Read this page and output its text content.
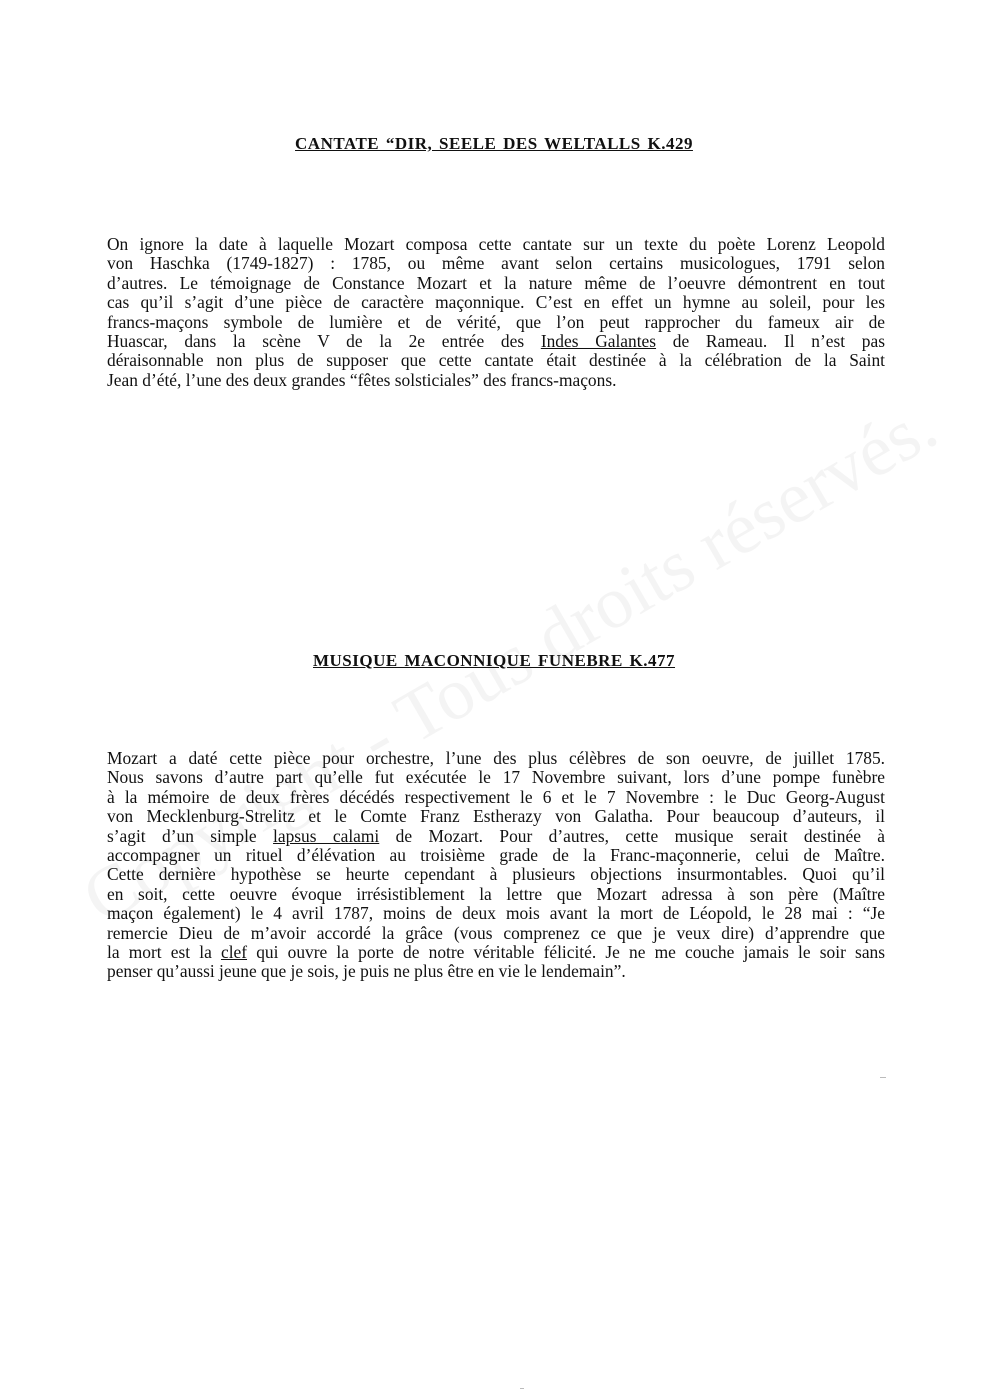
CANTATE “DIR, SEELE DES WELTALLS K.429
On ignore la date à laquelle Mozart composa cette cantate sur un texte du poète Lorenz Leopold
von Haschka (1749-1827) : 1785, ou même avant selon certains musicologues, 1791 selon
d’autres. Le témoignage de Constance Mozart et la nature même de l’oeuvre démontrent en tout
cas qu’il s’agit d’une pièce de caractère maçonnique. C’est en effet un hymne au soleil, pour les
francs-maçons symbole de lumière et de vérité, que l’on peut rapprocher du fameux air de
Huascar, dans la scène V de la 2e entrée des Indes Galantes de Rameau. Il n’est pas
déraisonnable non plus de supposer que cette cantate était destinée à la célébration de la Saint
Jean d’été, l’une des deux grandes “fêtes solsticiales” des francs-maçons.
MUSIQUE MACONNIQUE FUNEBRE K.477
Mozart a daté cette pièce pour orchestre, l’une des plus célèbres de son oeuvre, de juillet 1785.
Nous savons d’autre part qu’elle fut exécutée le 17 Novembre suivant, lors d’une pompe funèbre
à la mémoire de deux frères décédés respectivement le 6 et le 7 Novembre : le Duc Georg-August
von Mecklenburg-Strelitz et le Comte Franz Estherazy von Galatha. Pour beaucoup d’auteurs, il
s’agit d’un simple lapsus calami de Mozart. Pour d’autres, cette musique serait destinée à
accompagner un rituel d’élévation au troisième grade de la Franc-maçonnerie, celui de Maître.
Cette dernière hypothèse se heurte cependant à plusieurs objections insurmontables. Quoi qu’il
en soit, cette oeuvre évoque irrésistiblement la lettre que Mozart adressa à son père (Maître
maçon également) le 4 avril 1787, moins de deux mois avant la mort de Léopold, le 28 mai : “Je
remercie Dieu de m’avoir accordé la grâce (vous comprenez ce que je veux dire) d’apprendre que
la mort est la clef qui ouvre la porte de notre véritable félicité. Je ne me couche jamais le soir sans
penser qu’aussi jeune que je sois, je puis ne plus être en vie le lendemain”.
